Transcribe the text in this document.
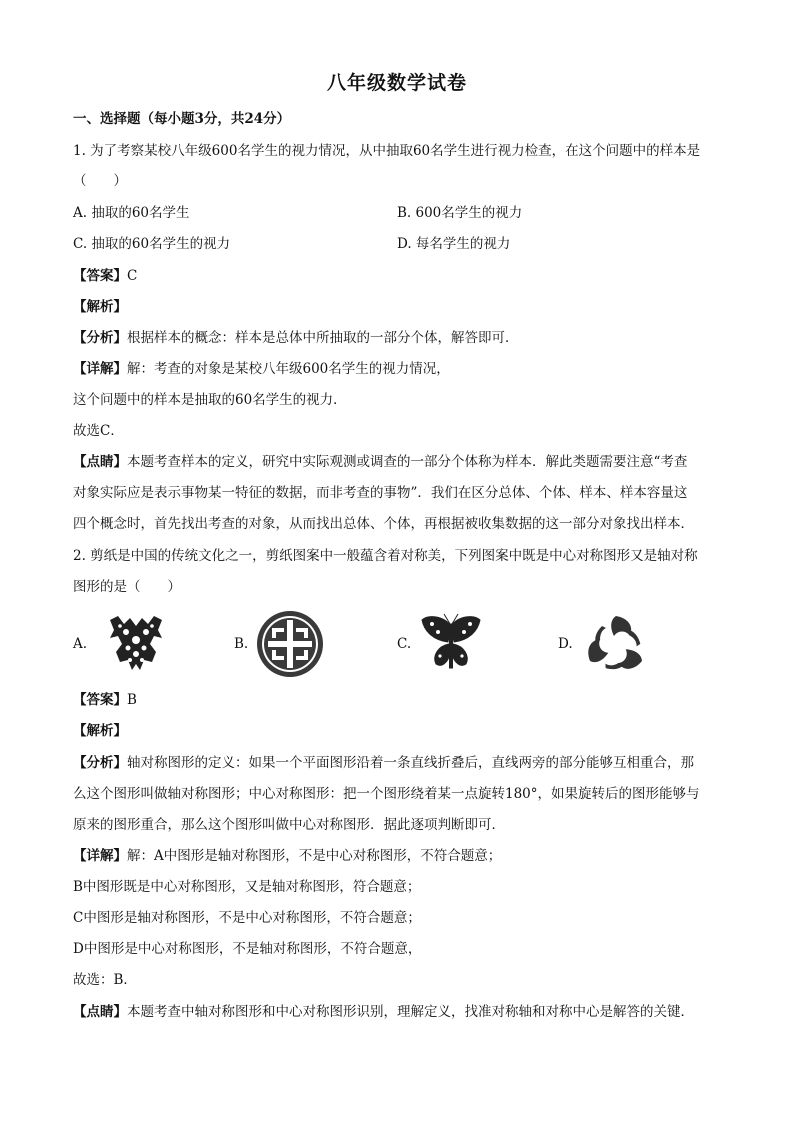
八年级数学试卷
一、选择题（每小题3分，共24分）
1. 为了考察某校八年级600名学生的视力情况，从中抽取60名学生进行视力检查，在这个问题中的样本是
（　　）
A. 抽取的60名学生	B. 600名学生的视力
C. 抽取的60名学生的视力	D. 每名学生的视力
【答案】C
【解析】
【分析】根据样本的概念：样本是总体中所抽取的一部分个体，解答即可．
【详解】解：考查的对象是某校八年级600名学生的视力情况，
这个问题中的样本是抽取的60名学生的视力．
故选C．
【点睛】本题考查样本的定义，研究中实际观测或调查的一部分个体称为样本．解此类题需要注意“考查
对象实际应是表示事物某一特征的数据，而非考查的事物”．我们在区分总体、个体、样本、样本容量这
四个概念时，首先找出考查的对象，从而找出总体、个体，再根据被收集数据的这一部分对象找出样本．
2. 剪纸是中国的传统文化之一，剪纸图案中一般蕴含着对称美，下列图案中既是中心对称图形又是轴对称
图形的是（　　）
A.	B.	C.	D.
【答案】B
【解析】
【分析】轴对称图形的定义：如果一个平面图形沿着一条直线折叠后，直线两旁的部分能够互相重合，那
么这个图形叫做轴对称图形；中心对称图形：把一个图形绕着某一点旋转180°，如果旋转后的图形能够与
原来的图形重合，那么这个图形叫做中心对称图形．据此逐项判断即可．
【详解】解：A中图形是轴对称图形，不是中心对称图形，不符合题意；
B中图形既是中心对称图形，又是轴对称图形，符合题意；
C中图形是轴对称图形，不是中心对称图形，不符合题意；
D中图形是中心对称图形，不是轴对称图形，不符合题意，
故选：B．
【点睛】本题考查中轴对称图形和中心对称图形识别，理解定义，找准对称轴和对称中心是解答的关键．
